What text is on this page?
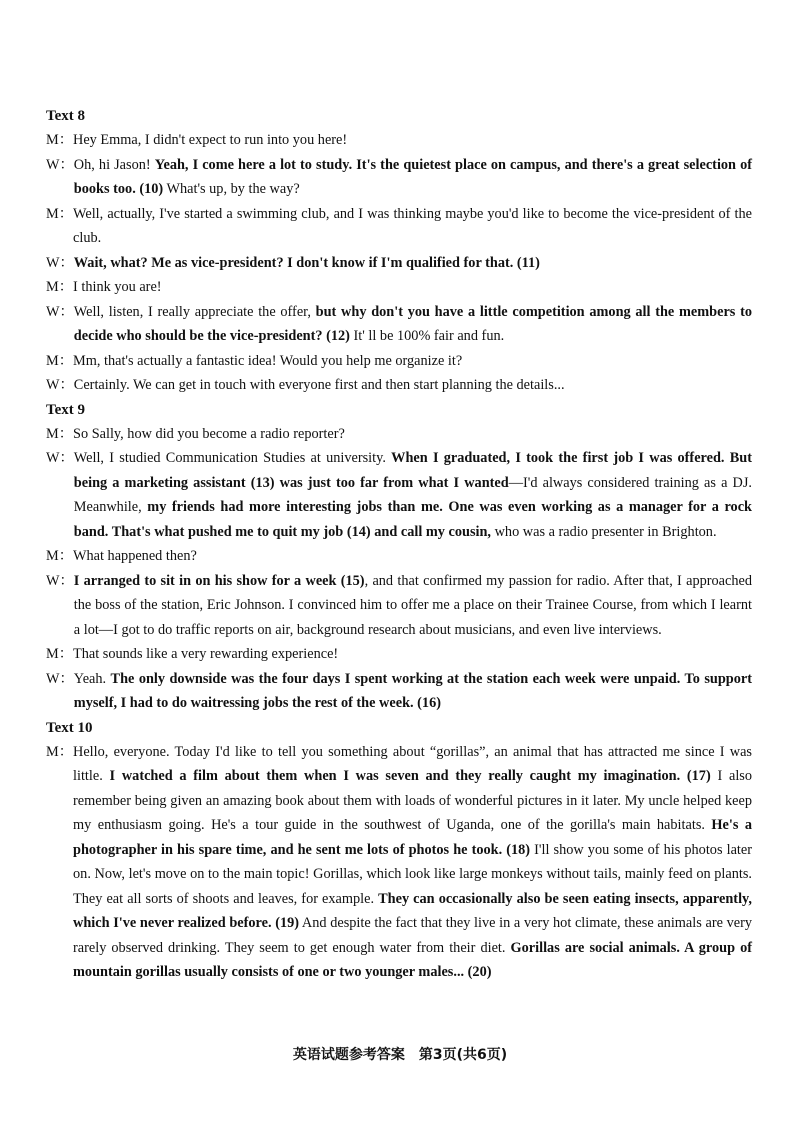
Text 8
M： Hey Emma, I didn't expect to run into you here!
W： Oh, hi Jason! Yeah, I come here a lot to study. It's the quietest place on campus, and there's a great selection of books too. (10) What's up, by the way?
M： Well, actually, I've started a swimming club, and I was thinking maybe you'd like to become the vice-president of the club.
W： Wait, what? Me as vice-president? I don't know if I'm qualified for that. (11)
M： I think you are!
W： Well, listen, I really appreciate the offer, but why don't you have a little competition among all the members to decide who should be the vice-president? (12) It' ll be 100% fair and fun.
M： Mm, that's actually a fantastic idea! Would you help me organize it?
W： Certainly. We can get in touch with everyone first and then start planning the details...
Text 9
M： So Sally, how did you become a radio reporter?
W： Well, I studied Communication Studies at university. When I graduated, I took the first job I was offered. But being a marketing assistant (13) was just too far from what I wanted—I'd always considered training as a DJ. Meanwhile, my friends had more interesting jobs than me. One was even working as a manager for a rock band. That's what pushed me to quit my job (14) and call my cousin, who was a radio presenter in Brighton.
M： What happened then?
W： I arranged to sit in on his show for a week (15), and that confirmed my passion for radio. After that, I approached the boss of the station, Eric Johnson. I convinced him to offer me a place on their Trainee Course, from which I learnt a lot—I got to do traffic reports on air, background research about musicians, and even live interviews.
M： That sounds like a very rewarding experience!
W： Yeah. The only downside was the four days I spent working at the station each week were unpaid. To support myself, I had to do waitressing jobs the rest of the week. (16)
Text 10
M： Hello, everyone. Today I'd like to tell you something about “gorillas”, an animal that has attracted me since I was little. I watched a film about them when I was seven and they really caught my imagination. (17) I also remember being given an amazing book about them with loads of wonderful pictures in it later. My uncle helped keep my enthusiasm going. He's a tour guide in the southwest of Uganda, one of the gorilla's main habitats. He's a photographer in his spare time, and he sent me lots of photos he took. (18) I'll show you some of his photos later on. Now, let's move on to the main topic! Gorillas, which look like large monkeys without tails, mainly feed on plants. They eat all sorts of shoots and leaves, for example. They can occasionally also be seen eating insects, apparently, which I've never realized before. (19) And despite the fact that they live in a very hot climate, these animals are very rarely observed drinking. They seem to get enough water from their diet. Gorillas are social animals. A group of mountain gorillas usually consists of one or two younger males... (20)
英语试题参考答案　第3页(共6页)
